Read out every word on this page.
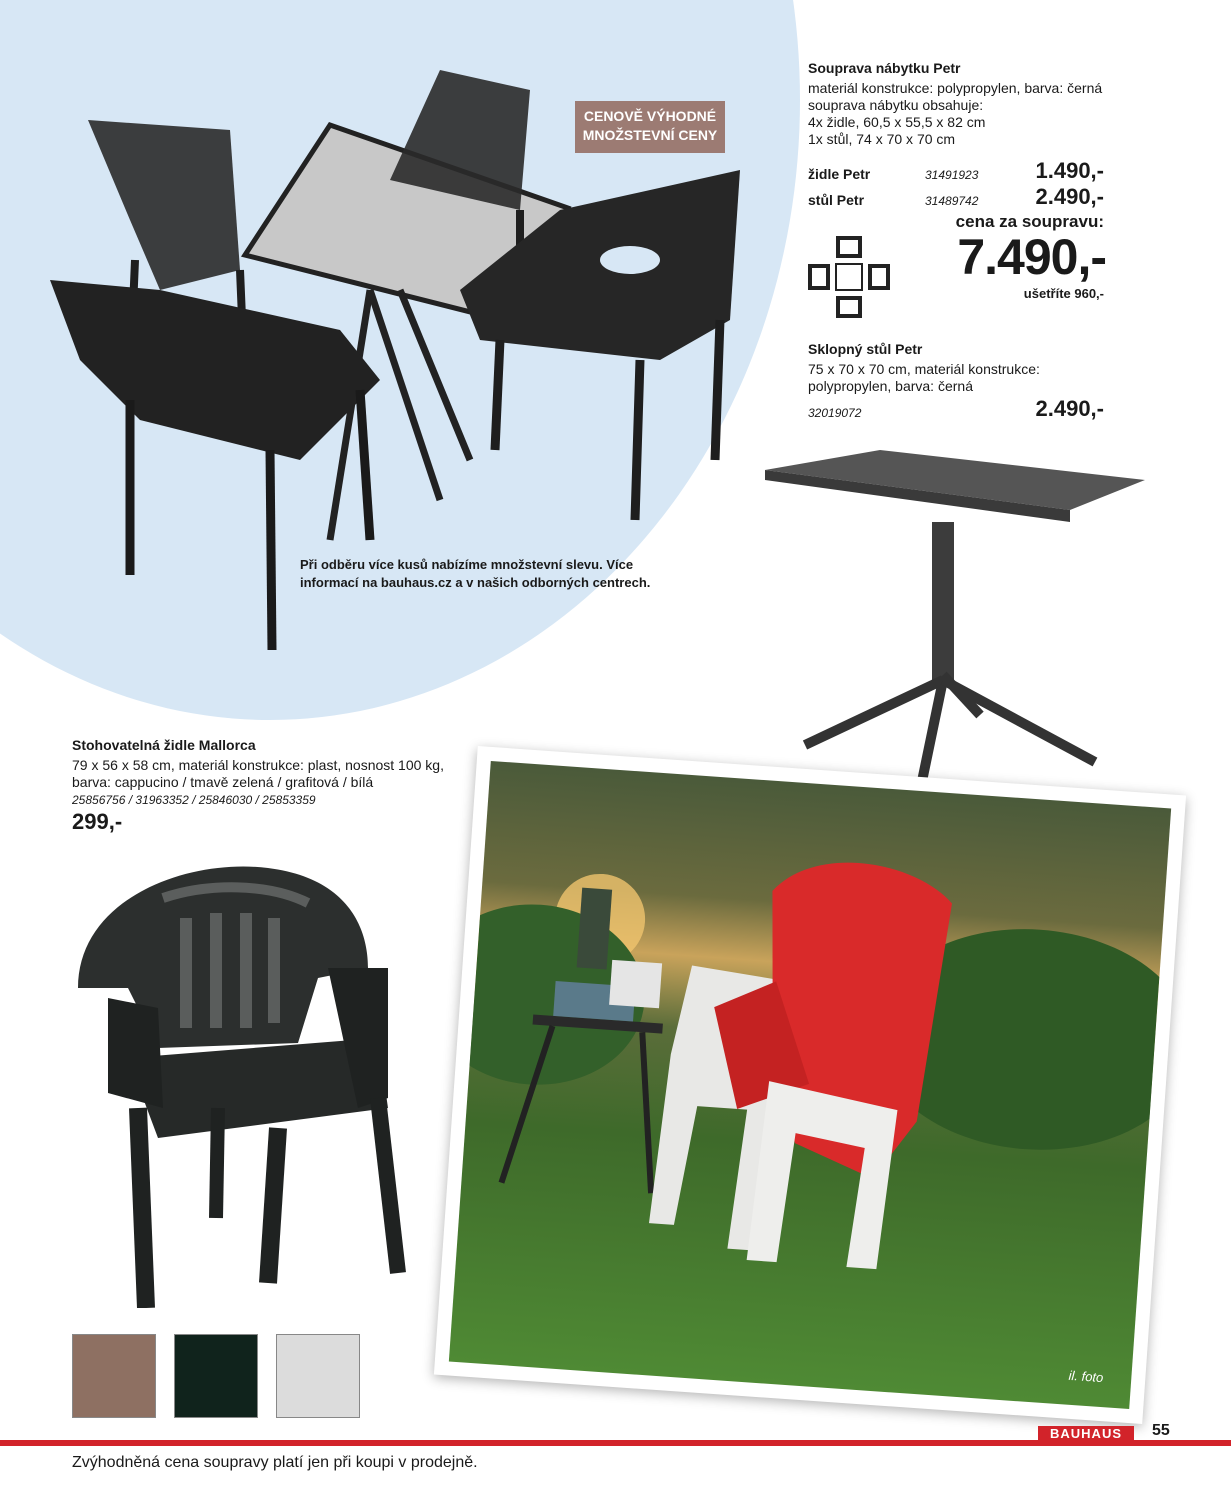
CENOVĚ VÝHODNÉ
MNOŽSTEVNÍ CENY
Při odběru více kusů nabízíme množstevní slevu. Více
informací na bauhaus.cz a v našich odborných centrech.
Souprava nábytku Petr
materiál konstrukce: polypropylen, barva: černá
souprava nábytku obsahuje:
4x židle, 60,5 x 55,5 x 82 cm
1x stůl, 74 x 70 x 70 cm
židle Petr	31491923	1.490,-
stůl Petr	31489742	2.490,-
cena za soupravu:
7.490,-
ušetříte 960,-
Sklopný stůl Petr
75 x 70 x 70 cm, materiál konstrukce:
polypropylen, barva: černá
32019072	2.490,-
Stohovatelná židle Mallorca
79 x 56 x 58 cm, materiál konstrukce: plast, nosnost 100 kg,
barva: cappucino / tmavě zelená / grafitová / bílá
25856756 / 31963352 / 25846030 / 25853359
299,-
il. foto
Zvýhodněná cena soupravy platí jen při koupi v prodejně.
BAUHAUS	55
